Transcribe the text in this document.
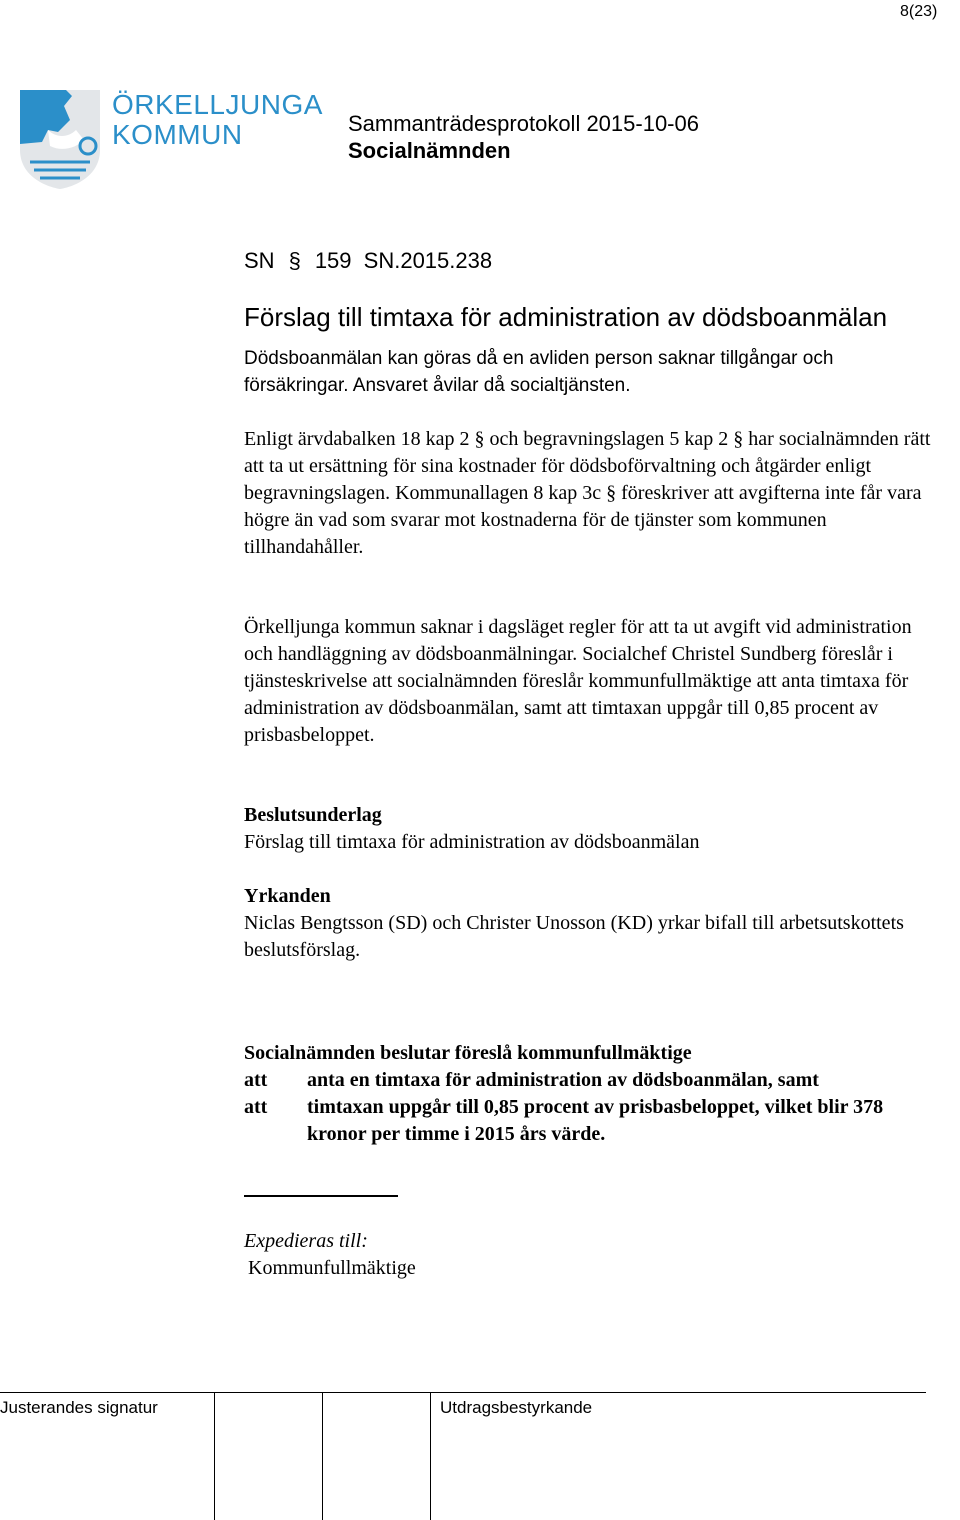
8(23)
ÖRKELLJUNGA
KOMMUN	Sammanträdesprotokoll 2015-10-06
Socialnämnden
SN § 159 SN.2015.238
Förslag till timtaxa för administration av dödsboanmälan
Dödsboanmälan kan göras då en avliden person saknar tillgångar och försäkringar. Ansvaret åvilar då socialtjänsten.
Enligt ärvdabalken 18 kap 2 § och begravningslagen 5 kap 2 § har socialnämnden rätt att ta ut ersättning för sina kostnader för dödsboförvaltning och åtgärder enligt begravningslagen. Kommunallagen 8 kap 3c § föreskriver att avgifterna inte får vara högre än vad som svarar mot kostnaderna för de tjänster som kommunen tillhandahåller.
Örkelljunga kommun saknar i dagsläget regler för att ta ut avgift vid administration och handläggning av dödsboanmälningar. Socialchef Christel Sundberg föreslår i tjänsteskrivelse att socialnämnden föreslår kommunfullmäktige att anta timtaxa för administration av dödsboanmälan, samt att timtaxan uppgår till 0,85 procent av prisbasbeloppet.
Beslutsunderlag
Förslag till timtaxa för administration av dödsboanmälan
Yrkanden
Niclas Bengtsson (SD) och Christer Unosson (KD) yrkar bifall till arbetsutskottets beslutsförslag.
Socialnämnden beslutar föreslå kommunfullmäktige
att	anta en timtaxa för administration av dödsboanmälan, samt
att	timtaxan uppgår till 0,85 procent av prisbasbeloppet, vilket blir 378 kronor per timme i 2015 års värde.
Expedieras till:
Kommunfullmäktige
Justerandes signatur	Utdragsbestyrkande
